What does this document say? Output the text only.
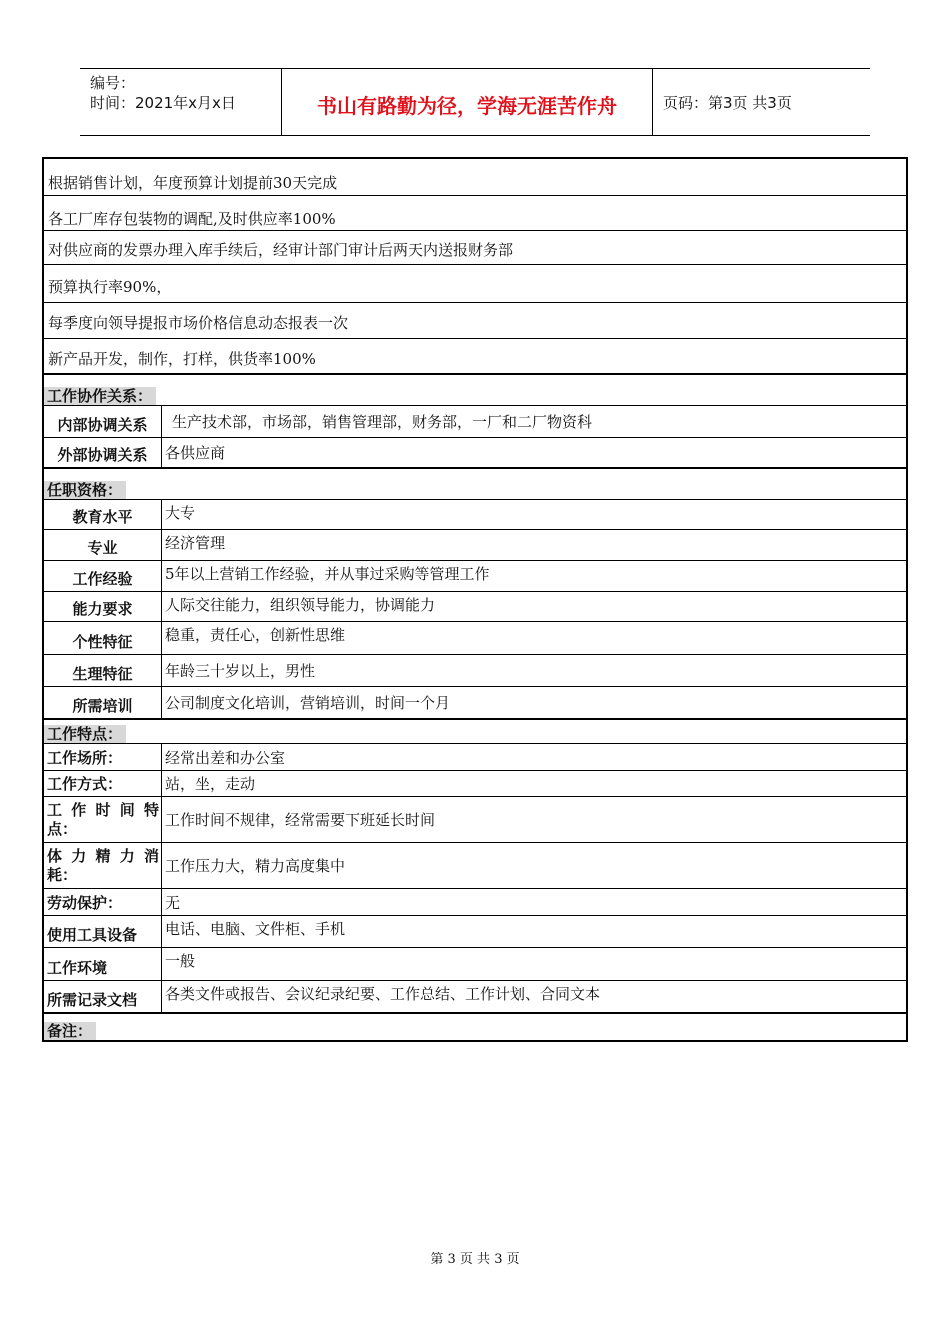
编号：
时间：2021年x月x日	书山有路勤为径，学海无涯苦作舟	页码：第3页 共3页
根据销售计划，年度预算计划提前30天完成
各工厂库存包装物的调配,及时供应率100%
对供应商的发票办理入库手续后，经审计部门审计后两天内送报财务部
预算执行率90%，
每季度向领导提报市场价格信息动态报表一次
新产品开发，制作，打样，供货率100%
工作协作关系：
内部协调关系	生产技术部，市场部，销售管理部，财务部，一厂和二厂物资科
外部协调关系	各供应商
任职资格：
教育水平	大专
专业	经济管理
工作经验	5年以上营销工作经验，并从事过采购等管理工作
能力要求	人际交往能力，组织领导能力，协调能力
个性特征	稳重，责任心，创新性思维
生理特征	年龄三十岁以上，男性
所需培训	公司制度文化培训，营销培训，时间一个月
工作特点：
工作场所：	经常出差和办公室
工作方式：	站，坐，走动
工作时间特
点：	工作时间不规律，经常需要下班延长时间
体力精力消
耗：	工作压力大，精力高度集中
劳动保护：	无
使用工具设备	电话、电脑、文件柜、手机
工作环境	一般
所需记录文档	各类文件或报告、会议纪录纪要、工作总结、工作计划、合同文本
备注：
第 3 页 共 3 页
